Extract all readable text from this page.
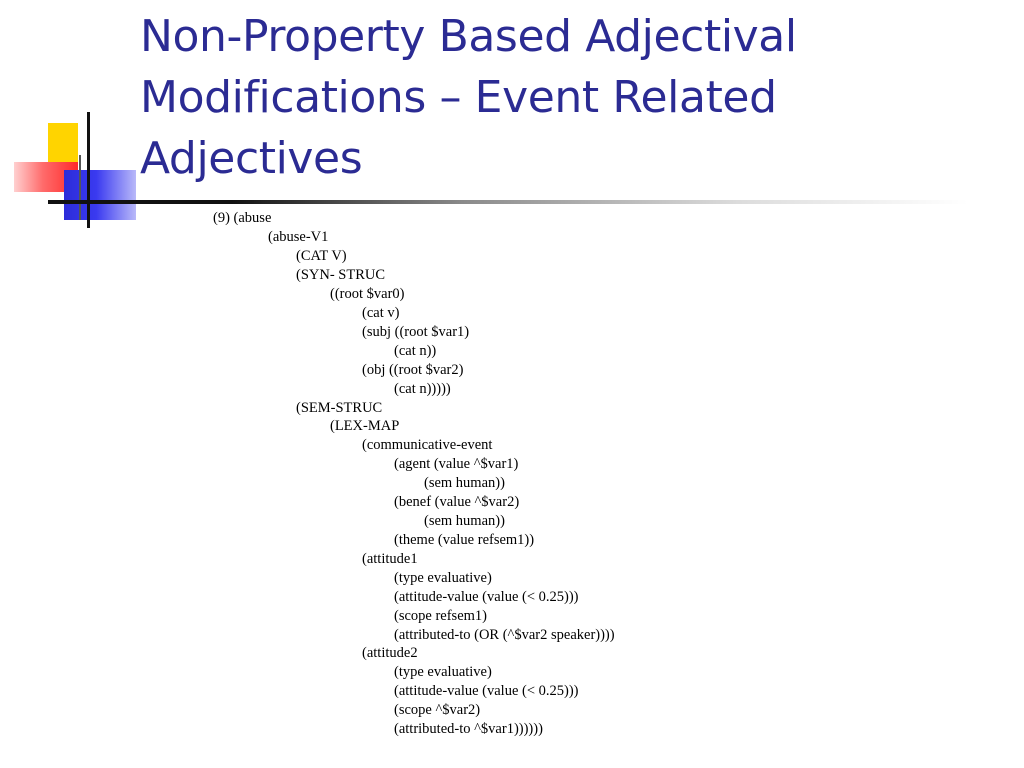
Non-Property Based Adjectival Modifications – Event Related Adjectives
(9) (abuse
(abuse-V1
(CAT V)
(SYN- STRUC
((root $var0)
(cat v)
(subj ((root $var1)
(cat n))
(obj ((root $var2)
(cat n)))))
(SEM-STRUC
(LEX-MAP
(communicative-event
(agent (value ^$var1)
(sem human))
(benef (value ^$var2)
(sem human))
(theme (value refsem1))
(attitude1
(type evaluative)
(attitude-value (value (< 0.25)))
(scope refsem1)
(attributed-to (OR (^$var2 speaker))))
(attitude2
(type evaluative)
(attitude-value (value (< 0.25)))
(scope ^$var2)
(attributed-to ^$var1))))))
